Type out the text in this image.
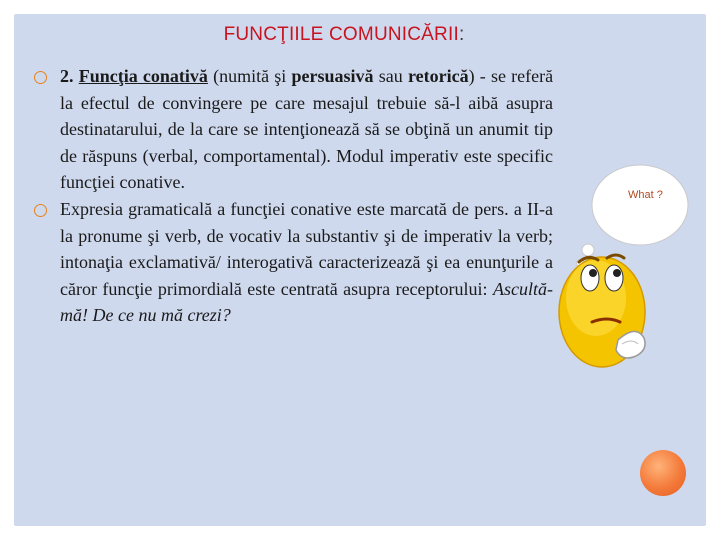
FUNCŢIILE COMUNICĂRII:
2. Funcţia conativă (numită şi persuasivă sau retorică) - se referă la efectul de convingere pe care mesajul trebuie să-l aibă asupra destinatarului, de la care se intenţionează să se obţină un anumit tip de răspuns (verbal, comportamental). Modul imperativ este specific funcţiei conative.
Expresia gramaticală a funcţiei conative este marcată de pers. a II-a la pronume şi verb, de vocativ la substantiv şi de imperativ la verb; intonaţia exclamativă/ interogativă caracterizează şi ea enunţurile a căror funcţie primordială este centrată asupra receptorului: Ascultă-mă! De ce nu mă crezi?
What ?
